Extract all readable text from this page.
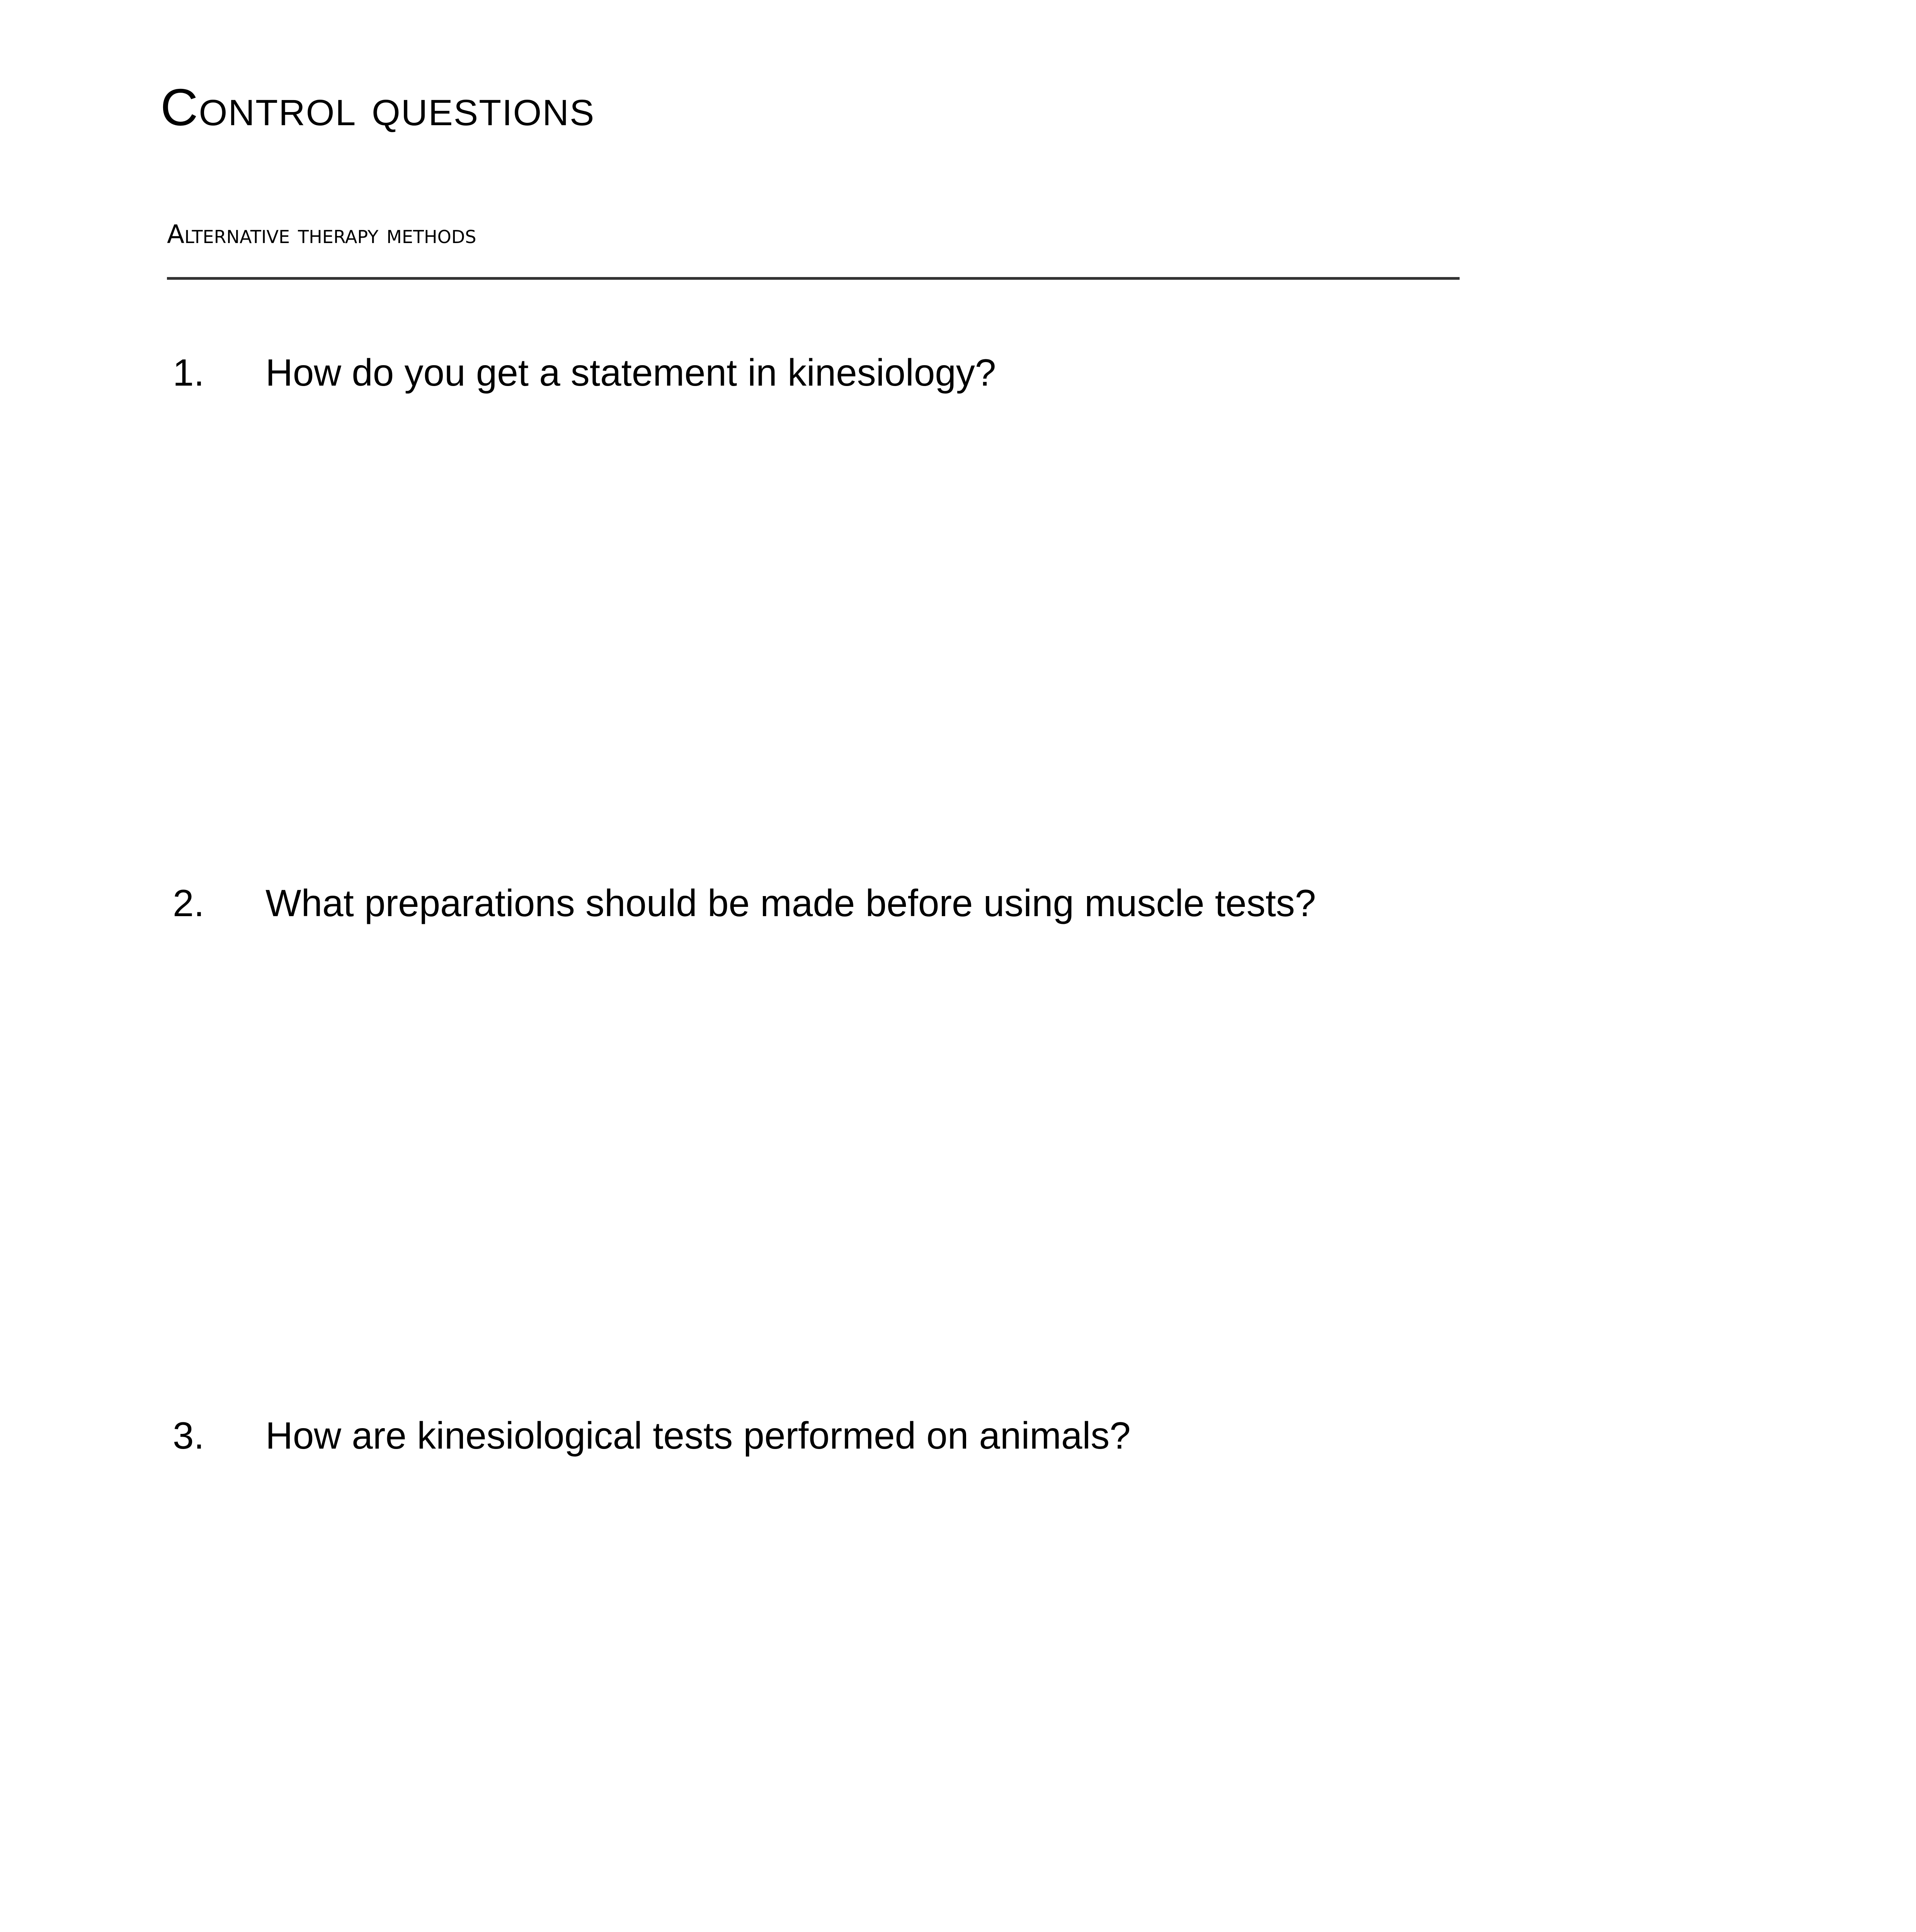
Control questions
Alternative therapy methods
1. How do you get a statement in kinesiology?
2. What preparations should be made before using muscle tests?
3. How are kinesiological tests performed on animals?
